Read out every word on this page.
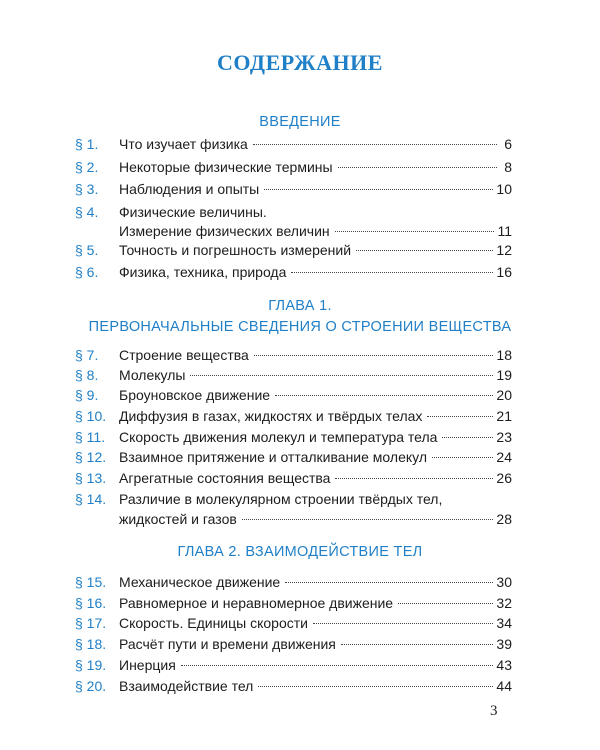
СОДЕРЖАНИЕ
ВВЕДЕНИЕ
§ 1.	Что изучает физика	6
§ 2.	Некоторые физические термины	8
§ 3.	Наблюдения и опыты	10
§ 4.	Физические величины.
Измерение физических величин	11
§ 5.	Точность и погрешность измерений	12
§ 6.	Физика, техника, природа	16
ГЛАВА 1.
ПЕРВОНАЧАЛЬНЫЕ СВЕДЕНИЯ О СТРОЕНИИ ВЕЩЕСТВА
§ 7.	Строение вещества	18
§ 8.	Молекулы	19
§ 9.	Броуновское движение	20
§ 10. Диффузия в газах, жидкостях и твёрдых телах	21
§ 11. Скорость движения молекул и температура тела	23
§ 12. Взаимное притяжение и отталкивание молекул	24
§ 13. Агрегатные состояния вещества	26
§ 14. Различие в молекулярном строении твёрдых тел,
жидкостей и газов	28
ГЛАВА 2. ВЗАИМОДЕЙСТВИЕ ТЕЛ
§ 15. Механическое движение	30
§ 16. Равномерное и неравномерное движение	32
§ 17. Скорость. Единицы скорости	34
§ 18. Расчёт пути и времени движения	39
§ 19. Инерция	43
§ 20. Взаимодействие тел	44
3
